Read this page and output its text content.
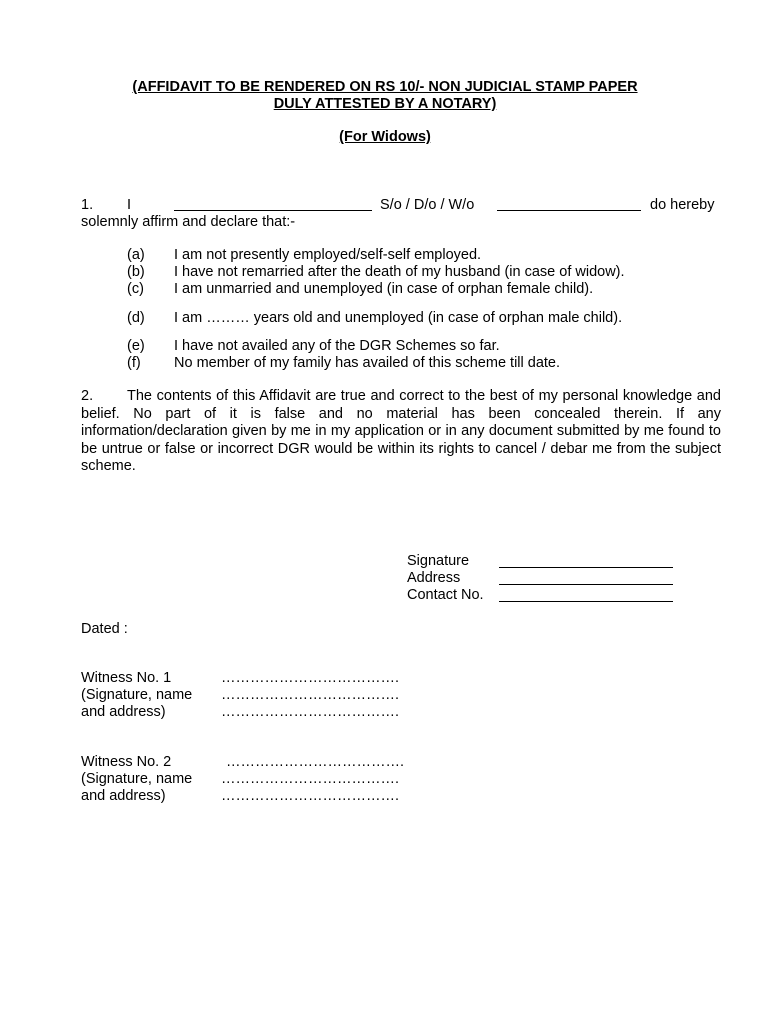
(AFFIDAVIT TO BE RENDERED ON RS 10/- NON JUDICIAL STAMP PAPER
DULY ATTESTED BY A NOTARY)
(For Widows)
1. I	S/o / D/o / W/o	do hereby
solemnly affirm and declare that:-
(a) I am not presently employed/self-self employed.
(b) I have not remarried after the death of my husband (in case of widow).
(c) I am unmarried and unemployed (in case of orphan female child).
(d) I am ……… years old and unemployed (in case of orphan male child).
(e) I have not availed any of the DGR Schemes so far.
(f) No member of my family has availed of this scheme till date.
2. The contents of this Affidavit are true and correct to the best of my personal knowledge and belief. No part of it is false and no material has been concealed therein. If any information/declaration given by me in my application or in any document submitted by me found to be untrue or false or incorrect DGR would be within its rights to cancel / debar me from the subject scheme.
Signature
Address
Contact No.
Dated :
Witness No. 1
(Signature, name
and address)
……………………………….
……………………………….
……………………………….
Witness No. 2
(Signature, name
and address)
……………………………….
……………………………….
……………………………….
